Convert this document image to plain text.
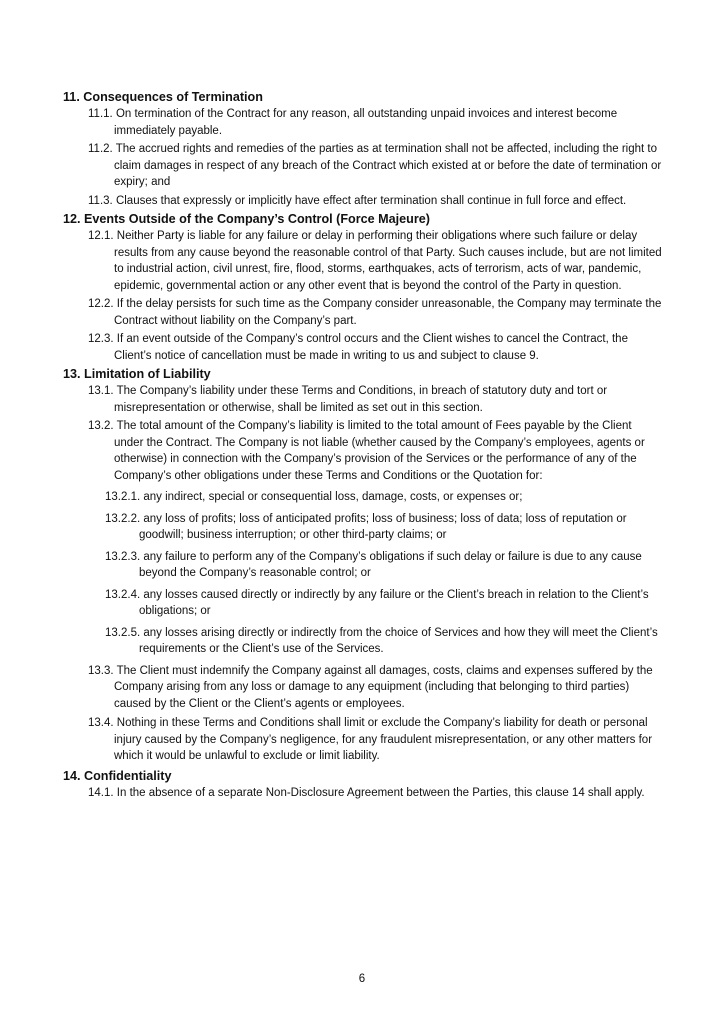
11. Consequences of Termination

11.1. On termination of the Contract for any reason, all outstanding unpaid invoices and interest become immediately payable.

11.2. The accrued rights and remedies of the parties as at termination shall not be affected, including the right to claim damages in respect of any breach of the Contract which existed at or before the date of termination or expiry; and

11.3. Clauses that expressly or implicitly have effect after termination shall continue in full force and effect.

12. Events Outside of the Company’s Control (Force Majeure)

12.1. Neither Party is liable for any failure or delay in performing their obligations where such failure or delay results from any cause beyond the reasonable control of that Party. Such causes include, but are not limited to industrial action, civil unrest, fire, flood, storms, earthquakes, acts of terrorism, acts of war, pandemic, epidemic, governmental action or any other event that is beyond the control of the Party in question.

12.2. If the delay persists for such time as the Company consider unreasonable, the Company may terminate the Contract without liability on the Company’s part.

12.3. If an event outside of the Company’s control occurs and the Client wishes to cancel the Contract, the Client’s notice of cancellation must be made in writing to us and subject to clause 9.

13. Limitation of Liability

13.1. The Company’s liability under these Terms and Conditions, in breach of statutory duty and tort or misrepresentation or otherwise, shall be limited as set out in this section.

13.2. The total amount of the Company’s liability is limited to the total amount of Fees payable by the Client under the Contract. The Company is not liable (whether caused by the Company’s employees, agents or otherwise) in connection with the Company’s provision of the Services or the performance of any of the Company’s other obligations under these Terms and Conditions or the Quotation for:

13.2.1. any indirect, special or consequential loss, damage, costs, or expenses or;

13.2.2. any loss of profits; loss of anticipated profits; loss of business; loss of data; loss of reputation or goodwill; business interruption; or other third-party claims; or

13.2.3. any failure to perform any of the Company’s obligations if such delay or failure is due to any cause beyond the Company’s reasonable control; or

13.2.4. any losses caused directly or indirectly by any failure or the Client’s breach in relation to the Client’s obligations; or

13.2.5. any losses arising directly or indirectly from the choice of Services and how they will meet the Client’s requirements or the Client’s use of the Services.

13.3. The Client must indemnify the Company against all damages, costs, claims and expenses suffered by the Company arising from any loss or damage to any equipment (including that belonging to third parties) caused by the Client or the Client’s agents or employees.

13.4. Nothing in these Terms and Conditions shall limit or exclude the Company’s liability for death or personal injury caused by the Company’s negligence, for any fraudulent misrepresentation, or any other matters for which it would be unlawful to exclude or limit liability.

14. Confidentiality

14.1. In the absence of a separate Non-Disclosure Agreement between the Parties, this clause 14 shall apply.

6
